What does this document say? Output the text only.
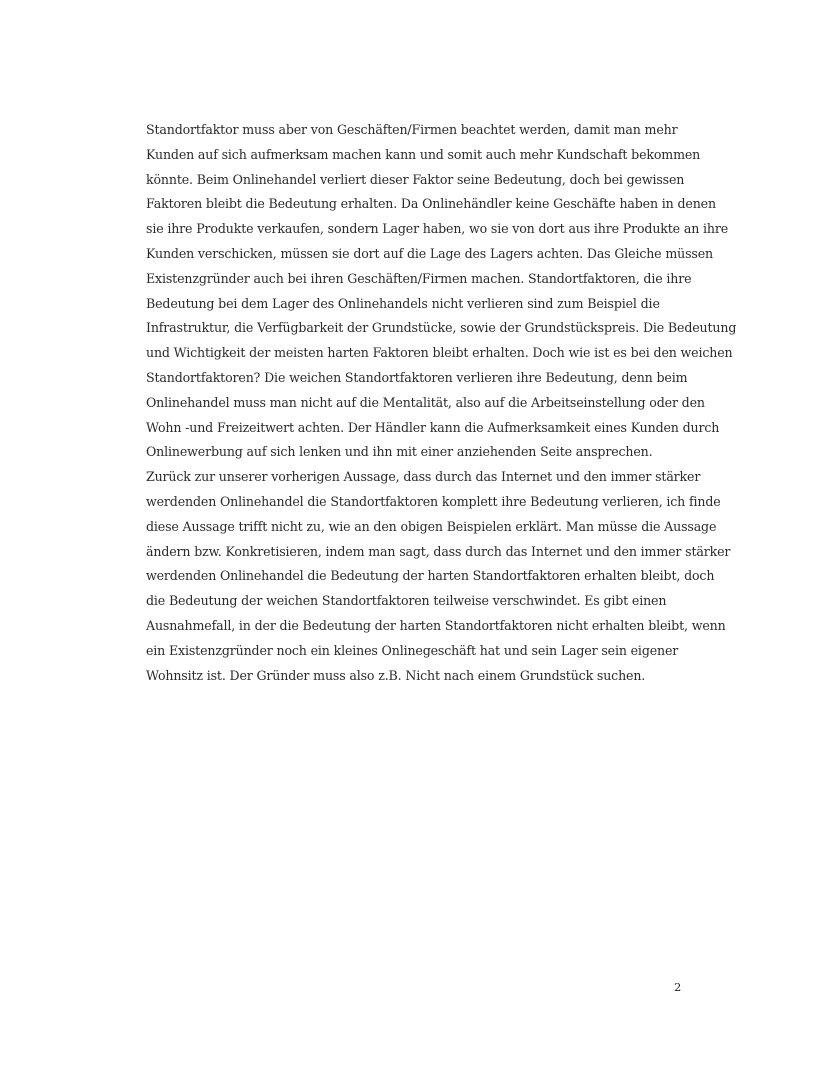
Standortfaktor muss aber von Geschäften/Firmen beachtet werden, damit man mehr
Kunden auf sich aufmerksam machen kann und somit auch mehr Kundschaft bekommen
könnte. Beim Onlinehandel verliert dieser Faktor seine Bedeutung, doch bei gewissen
Faktoren bleibt die Bedeutung erhalten. Da Onlinehändler keine Geschäfte haben in denen
sie ihre Produkte verkaufen, sondern Lager haben, wo sie von dort aus ihre Produkte an ihre
Kunden verschicken, müssen sie dort auf die Lage des Lagers achten. Das Gleiche müssen
Existenzgründer auch bei ihren Geschäften/Firmen machen. Standortfaktoren, die ihre
Bedeutung bei dem Lager des Onlinehandels nicht verlieren sind zum Beispiel die
Infrastruktur, die Verfügbarkeit der Grundstücke, sowie der Grundstückspreis. Die Bedeutung
und Wichtigkeit der meisten harten Faktoren bleibt erhalten. Doch wie ist es bei den weichen
Standortfaktoren? Die weichen Standortfaktoren verlieren ihre Bedeutung, denn beim
Onlinehandel muss man nicht auf die Mentalität, also auf die Arbeitseinstellung oder den
Wohn -und Freizeitwert achten. Der Händler kann die Aufmerksamkeit eines Kunden durch
Onlinewerbung auf sich lenken und ihn mit einer anziehenden Seite ansprechen.
Zurück zur unserer vorherigen Aussage, dass durch das Internet und den immer stärker
werdenden Onlinehandel die Standortfaktoren komplett ihre Bedeutung verlieren, ich finde
diese Aussage trifft nicht zu, wie an den obigen Beispielen erklärt. Man müsse die Aussage
ändern bzw. Konkretisieren, indem man sagt, dass durch das Internet und den immer stärker
werdenden Onlinehandel die Bedeutung der harten Standortfaktoren erhalten bleibt, doch
die Bedeutung der weichen Standortfaktoren teilweise verschwindet. Es gibt einen
Ausnahmefall, in der die Bedeutung der harten Standortfaktoren nicht erhalten bleibt, wenn
ein Existenzgründer noch ein kleines Onlinegeschäft hat und sein Lager sein eigener
Wohnsitz ist. Der Gründer muss also z.B. Nicht nach einem Grundstück suchen.
2
